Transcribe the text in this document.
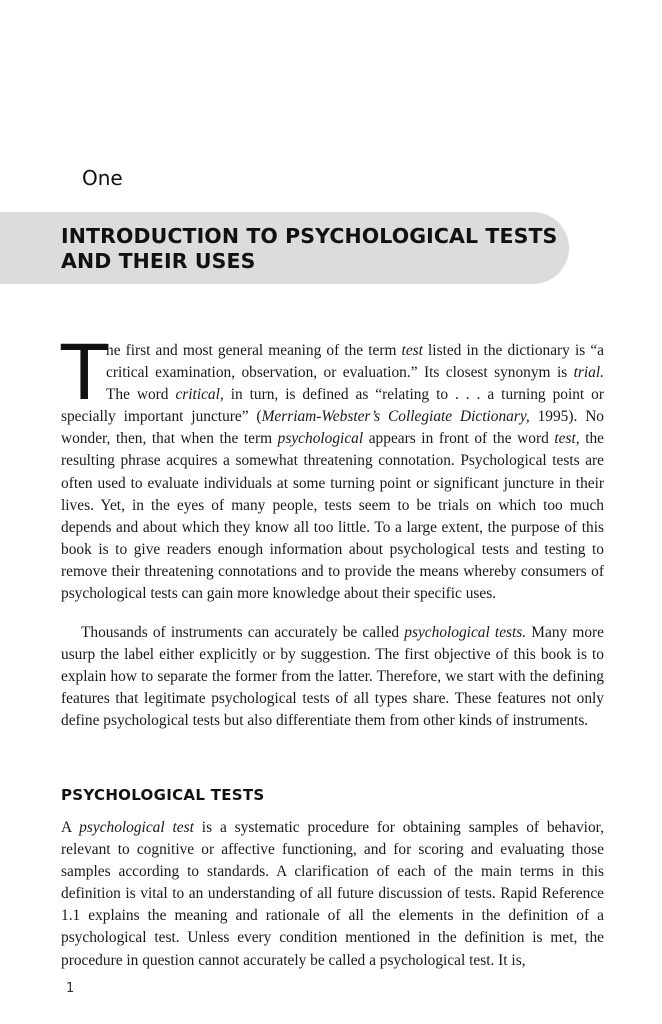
One
INTRODUCTION TO PSYCHOLOGICAL TESTS AND THEIR USES
T
he first and most general meaning of the term test listed in the dictionary is “a critical examination, observation, or evaluation.” Its closest synonym is trial. The word critical, in turn, is defined as “relating to . . . a turning point or specially important juncture” (Merriam-Webster’s Collegiate Dictionary, 1995). No wonder, then, that when the term psychological appears in front of the word test, the resulting phrase acquires a somewhat threatening connotation. Psychological tests are often used to evaluate individuals at some turning point or significant juncture in their lives. Yet, in the eyes of many people, tests seem to be trials on which too much depends and about which they know all too little. To a large extent, the purpose of this book is to give readers enough information about psychological tests and testing to remove their threatening connotations and to provide the means whereby consumers of psychological tests can gain more knowledge about their specific uses.
Thousands of instruments can accurately be called psychological tests. Many more usurp the label either explicitly or by suggestion. The first objective of this book is to explain how to separate the former from the latter. Therefore, we start with the defining features that legitimate psychological tests of all types share. These features not only define psychological tests but also differentiate them from other kinds of instruments.
PSYCHOLOGICAL TESTS
A psychological test is a systematic procedure for obtaining samples of behavior, relevant to cognitive or affective functioning, and for scoring and evaluating those samples according to standards. A clarification of each of the main terms in this definition is vital to an understanding of all future discussion of tests. Rapid Reference 1.1 explains the meaning and rationale of all the elements in the definition of a psychological test. Unless every condition mentioned in the definition is met, the procedure in question cannot accurately be called a psychological test. It is,
1
